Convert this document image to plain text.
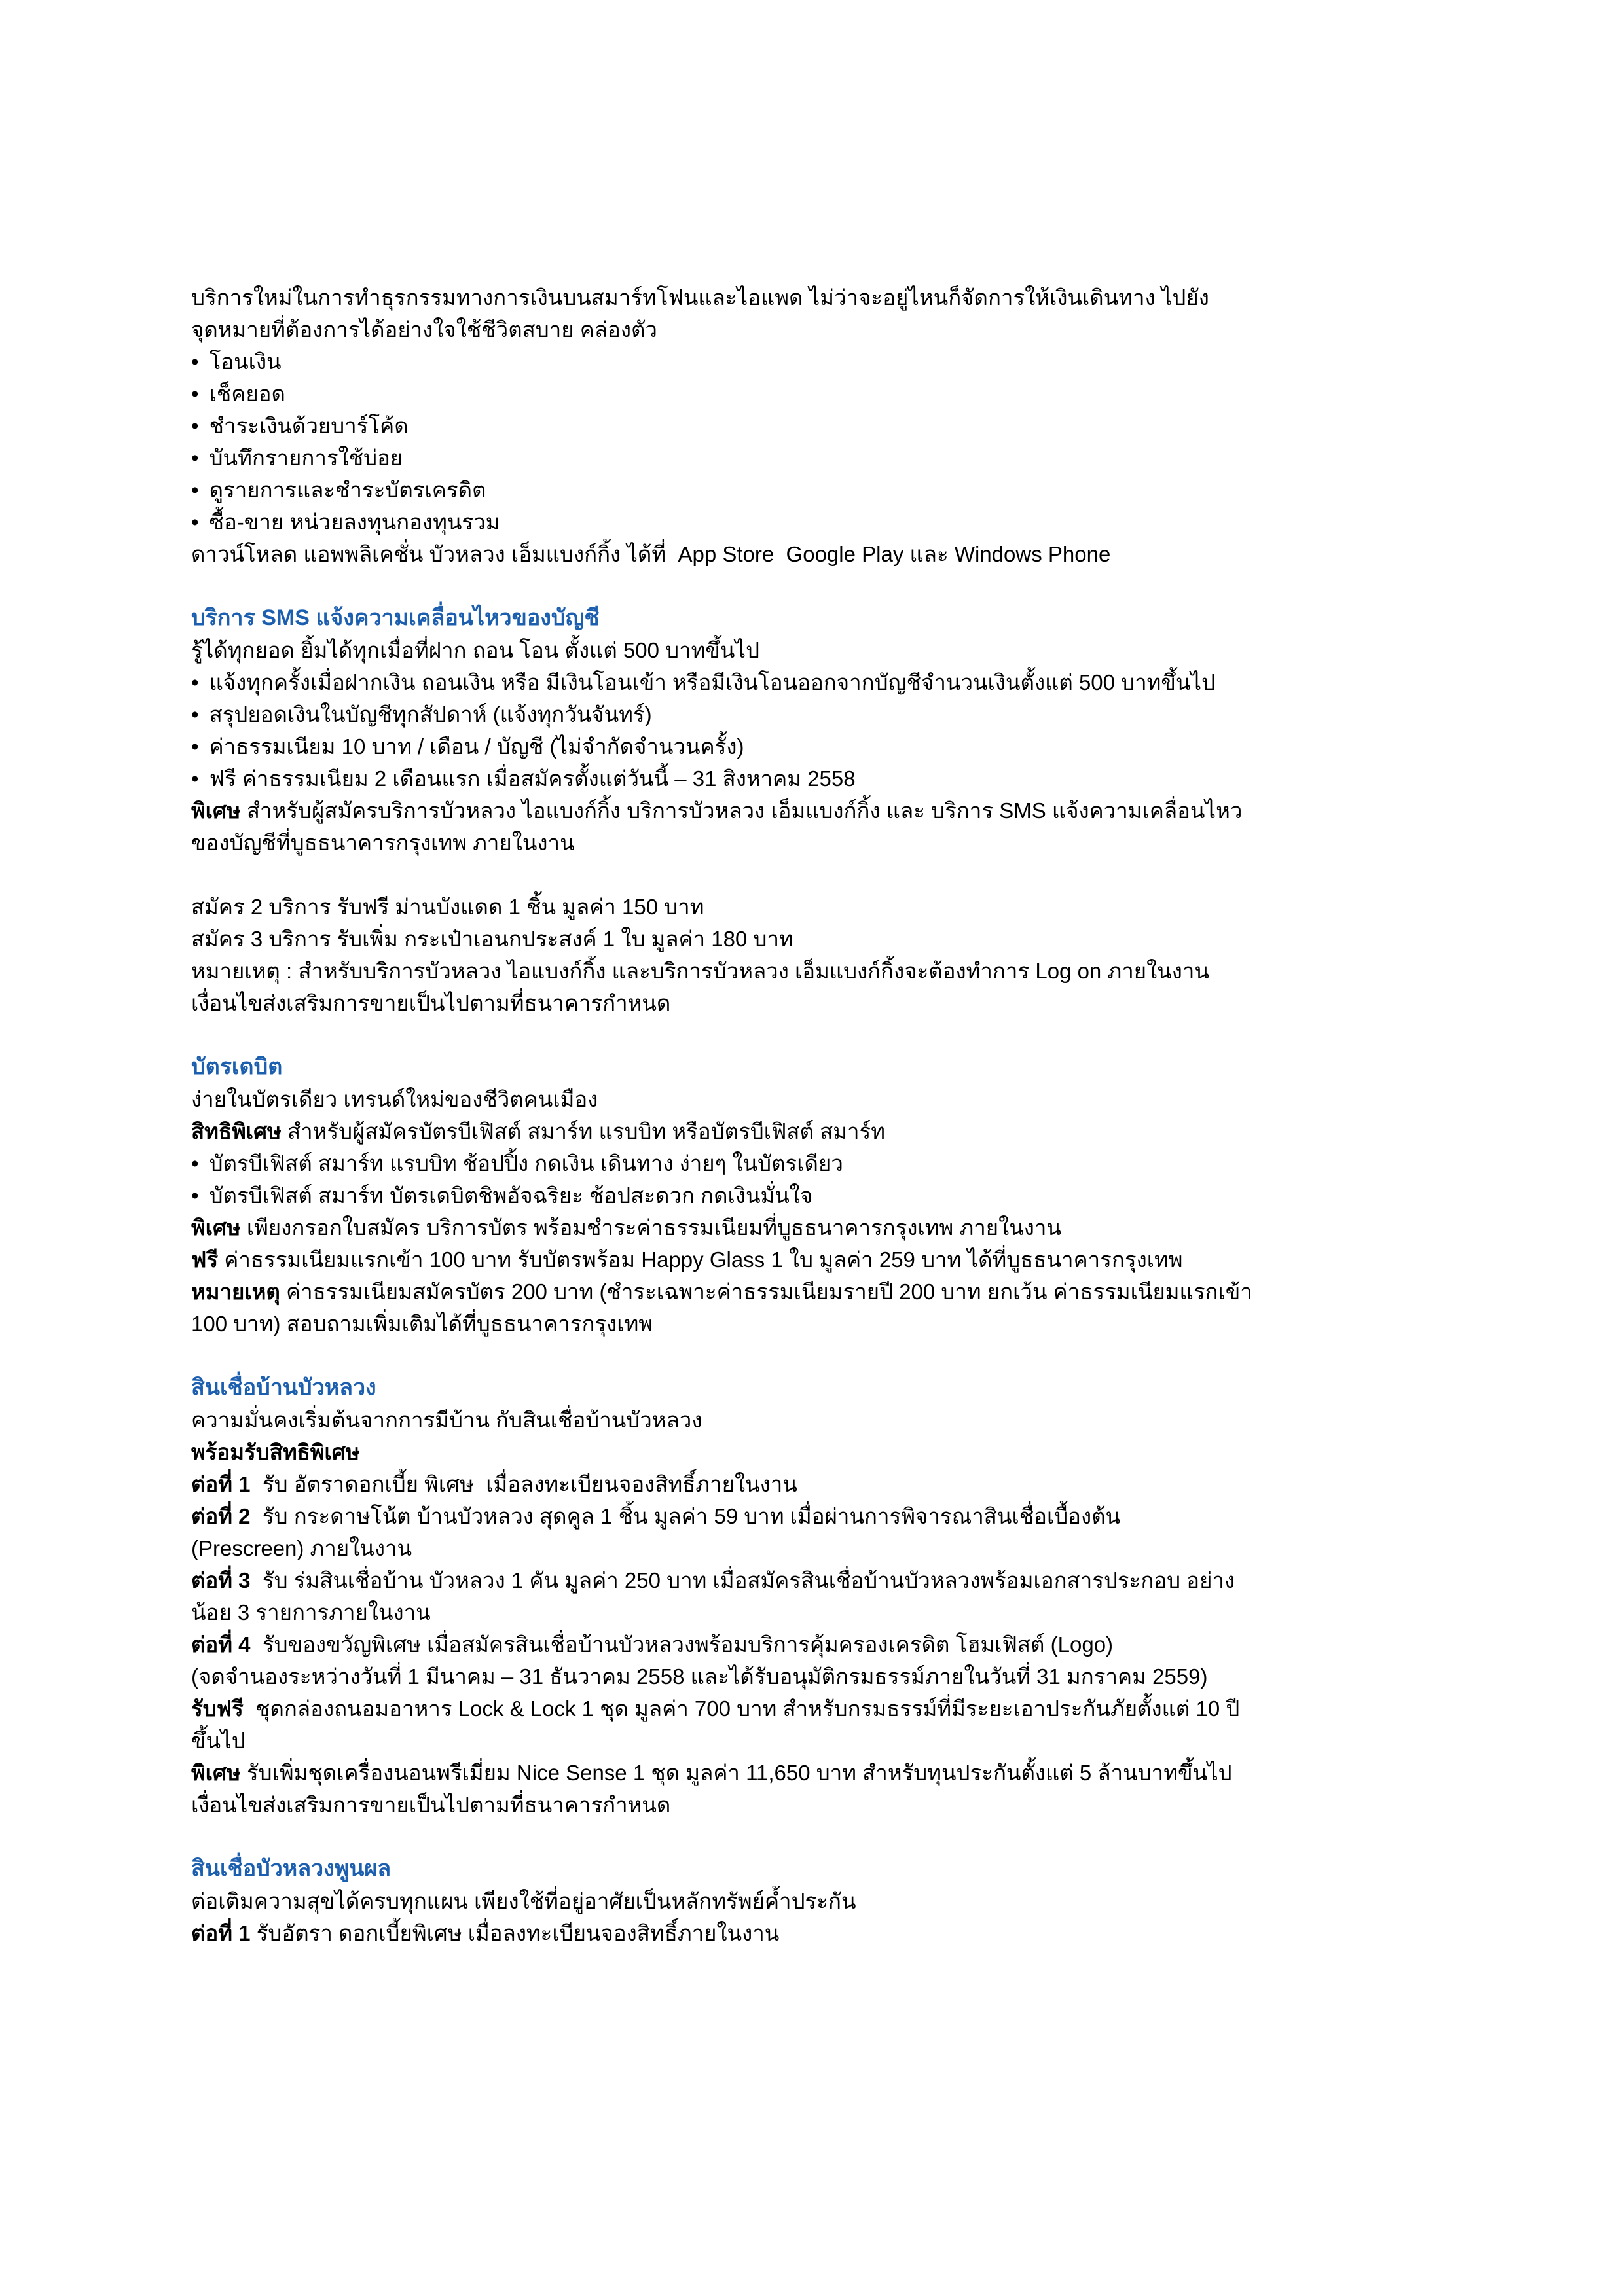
บริการใหม่ในการทำธุรกรรมทางการเงินบนสมาร์ทโฟนและไอแพด ไม่ว่าจะอยู่ไหนก็จัดการให้เงินเดินทาง ไปยัง
จุดหมายที่ต้องการได้อย่างใจใช้ชีวิตสบาย คล่องตัว
• โอนเงิน
• เช็คยอด
• ชำระเงินด้วยบาร์โค้ด
• บันทึกรายการใช้บ่อย
• ดูรายการและชำระบัตรเครดิต
• ซื้อ-ขาย หน่วยลงทุนกองทุนรวม
ดาวน์โหลด แอพพลิเคชั่น บัวหลวง เอ็มแบงก์กิ้ง ได้ที่  App Store  Google Play และ Windows Phone
บริการ SMS แจ้งความเคลื่อนไหวของบัญชี
รู้ได้ทุกยอด ยิ้มได้ทุกเมื่อที่ฝาก ถอน โอน ตั้งแต่ 500 บาทขึ้นไป
• แจ้งทุกครั้งเมื่อฝากเงิน ถอนเงิน หรือ มีเงินโอนเข้า หรือมีเงินโอนออกจากบัญชีจำนวนเงินตั้งแต่ 500 บาทขึ้นไป
• สรุปยอดเงินในบัญชีทุกสัปดาห์ (แจ้งทุกวันจันทร์)
• ค่าธรรมเนียม 10 บาท / เดือน / บัญชี (ไม่จำกัดจำนวนครั้ง)
• ฟรี ค่าธรรมเนียม 2 เดือนแรก เมื่อสมัครตั้งแต่วันนี้ – 31 สิงหาคม 2558
พิเศษ สำหรับผู้สมัครบริการบัวหลวง ไอแบงก์กิ้ง บริการบัวหลวง เอ็มแบงก์กิ้ง และ บริการ SMS แจ้งความเคลื่อนไหว
ของบัญชีที่บูธธนาคารกรุงเทพ ภายในงาน
สมัคร 2 บริการ รับฟรี ม่านบังแดด 1 ชิ้น มูลค่า 150 บาท
สมัคร 3 บริการ รับเพิ่ม กระเป๋าเอนกประสงค์ 1 ใบ มูลค่า 180 บาท
หมายเหตุ : สำหรับบริการบัวหลวง ไอแบงก์กิ้ง และบริการบัวหลวง เอ็มแบงก์กิ้งจะต้องทำการ Log on ภายในงาน
เงื่อนไขส่งเสริมการขายเป็นไปตามที่ธนาคารกำหนด
บัตรเดบิต
ง่ายในบัตรเดียว เทรนด์ใหม่ของชีวิตคนเมือง
สิทธิพิเศษ สำหรับผู้สมัครบัตรบีเฟิสต์ สมาร์ท แรบบิท หรือบัตรบีเฟิสต์ สมาร์ท
• บัตรบีเฟิสต์ สมาร์ท แรบบิท ช้อปปิ้ง กดเงิน เดินทาง ง่ายๆ ในบัตรเดียว
• บัตรบีเฟิสต์ สมาร์ท บัตรเดบิตชิพอัจฉริยะ ช้อปสะดวก กดเงินมั่นใจ
พิเศษ เพียงกรอกใบสมัคร บริการบัตร พร้อมชำระค่าธรรมเนียมที่บูธธนาคารกรุงเทพ ภายในงาน
ฟรี ค่าธรรมเนียมแรกเข้า 100 บาท รับบัตรพร้อม Happy Glass 1 ใบ มูลค่า 259 บาท ได้ที่บูธธนาคารกรุงเทพ
หมายเหตุ ค่าธรรมเนียมสมัครบัตร 200 บาท (ชำระเฉพาะค่าธรรมเนียมรายปี 200 บาท ยกเว้น ค่าธรรมเนียมแรกเข้า
100 บาท) สอบถามเพิ่มเติมได้ที่บูธธนาคารกรุงเทพ
สินเชื่อบ้านบัวหลวง
ความมั่นคงเริ่มต้นจากการมีบ้าน กับสินเชื่อบ้านบัวหลวง
พร้อมรับสิทธิพิเศษ
ต่อที่ 1  รับ อัตราดอกเบี้ย พิเศษ  เมื่อลงทะเบียนจองสิทธิ์ภายในงาน
ต่อที่ 2  รับ กระดาษโน้ต บ้านบัวหลวง สุดคูล 1 ชิ้น มูลค่า 59 บาท เมื่อผ่านการพิจารณาสินเชื่อเบื้องต้น
(Prescreen) ภายในงาน
ต่อที่ 3  รับ ร่มสินเชื่อบ้าน บัวหลวง 1 คัน มูลค่า 250 บาท เมื่อสมัครสินเชื่อบ้านบัวหลวงพร้อมเอกสารประกอบ อย่าง
น้อย 3 รายการภายในงาน
ต่อที่ 4  รับของขวัญพิเศษ เมื่อสมัครสินเชื่อบ้านบัวหลวงพร้อมบริการคุ้มครองเครดิต โฮมเฟิสต์ (Logo)
(จดจำนองระหว่างวันที่ 1 มีนาคม – 31 ธันวาคม 2558 และได้รับอนุมัติกรมธรรม์ภายในวันที่ 31 มกราคม 2559)
รับฟรี  ชุดกล่องถนอมอาหาร Lock & Lock 1 ชุด มูลค่า 700 บาท สำหรับกรมธรรม์ที่มีระยะเอาประกันภัยตั้งแต่ 10 ปี
ขึ้นไป
พิเศษ รับเพิ่มชุดเครื่องนอนพรีเมี่ยม Nice Sense 1 ชุด มูลค่า 11,650 บาท สำหรับทุนประกันตั้งแต่ 5 ล้านบาทขึ้นไป
เงื่อนไขส่งเสริมการขายเป็นไปตามที่ธนาคารกำหนด
สินเชื่อบัวหลวงพูนผล
ต่อเติมความสุขได้ครบทุกแผน เพียงใช้ที่อยู่อาศัยเป็นหลักทรัพย์ค้ำประกัน
ต่อที่ 1 รับอัตรา ดอกเบี้ยพิเศษ เมื่อลงทะเบียนจองสิทธิ์ภายในงาน
